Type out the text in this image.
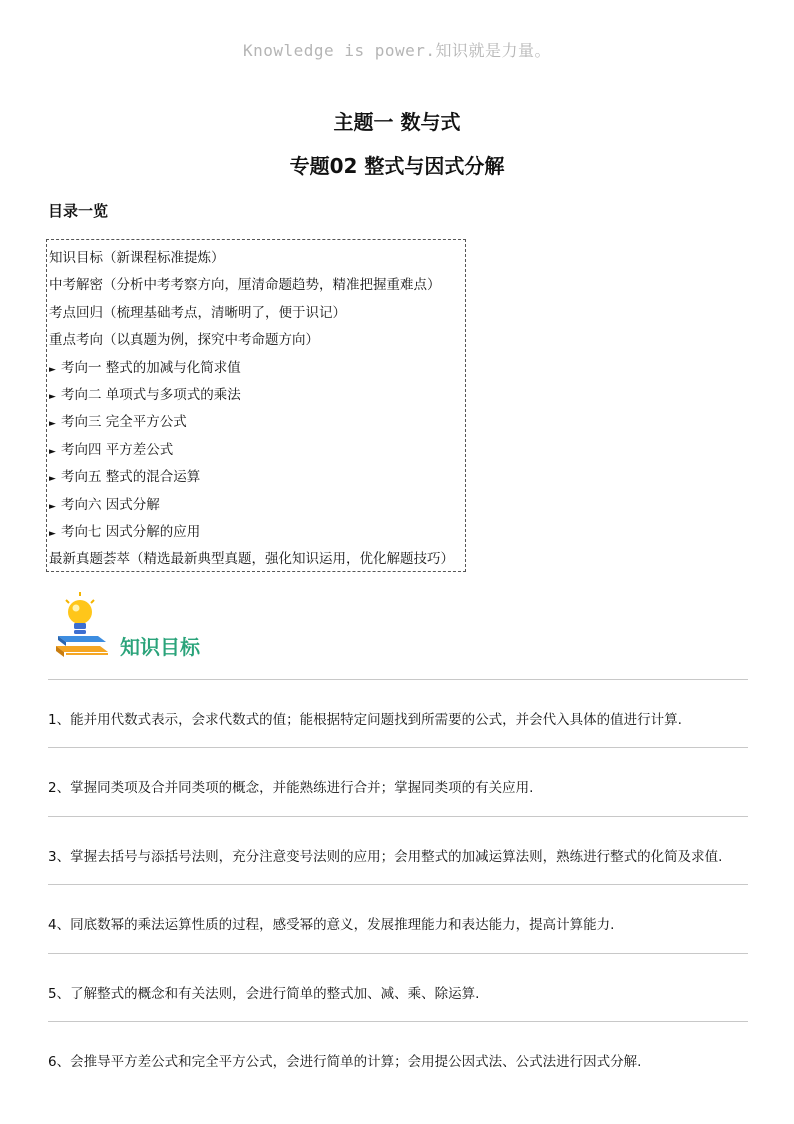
Knowledge is power.知识就是力量。
主题一 数与式
专题02 整式与因式分解
目录一览
知识目标（新课程标准提炼）
中考解密（分析中考考察方向，厘清命题趋势，精准把握重难点）
考点回归（梳理基础考点，清晰明了，便于识记）
重点考向（以真题为例，探究中考命题方向）
► 考向一 整式的加减与化简求值
► 考向二 单项式与多项式的乘法
► 考向三 完全平方公式
► 考向四 平方差公式
► 考向五 整式的混合运算
► 考向六 因式分解
► 考向七 因式分解的应用
最新真题荟萃（精选最新典型真题，强化知识运用，优化解题技巧）
知识目标
1、能并用代数式表示，会求代数式的值；能根据特定问题找到所需要的公式，并会代入具体的值进行计算.
2、掌握同类项及合并同类项的概念，并能熟练进行合并；掌握同类项的有关应用.
3、掌握去括号与添括号法则，充分注意变号法则的应用；会用整式的加减运算法则，熟练进行整式的化简及求值.
4、同底数幂的乘法运算性质的过程，感受幂的意义，发展推理能力和表达能力，提高计算能力.
5、了解整式的概念和有关法则，会进行简单的整式加、减、乘、除运算.
6、会推导平方差公式和完全平方公式，会进行简单的计算；会用提公因式法、公式法进行因式分解.
